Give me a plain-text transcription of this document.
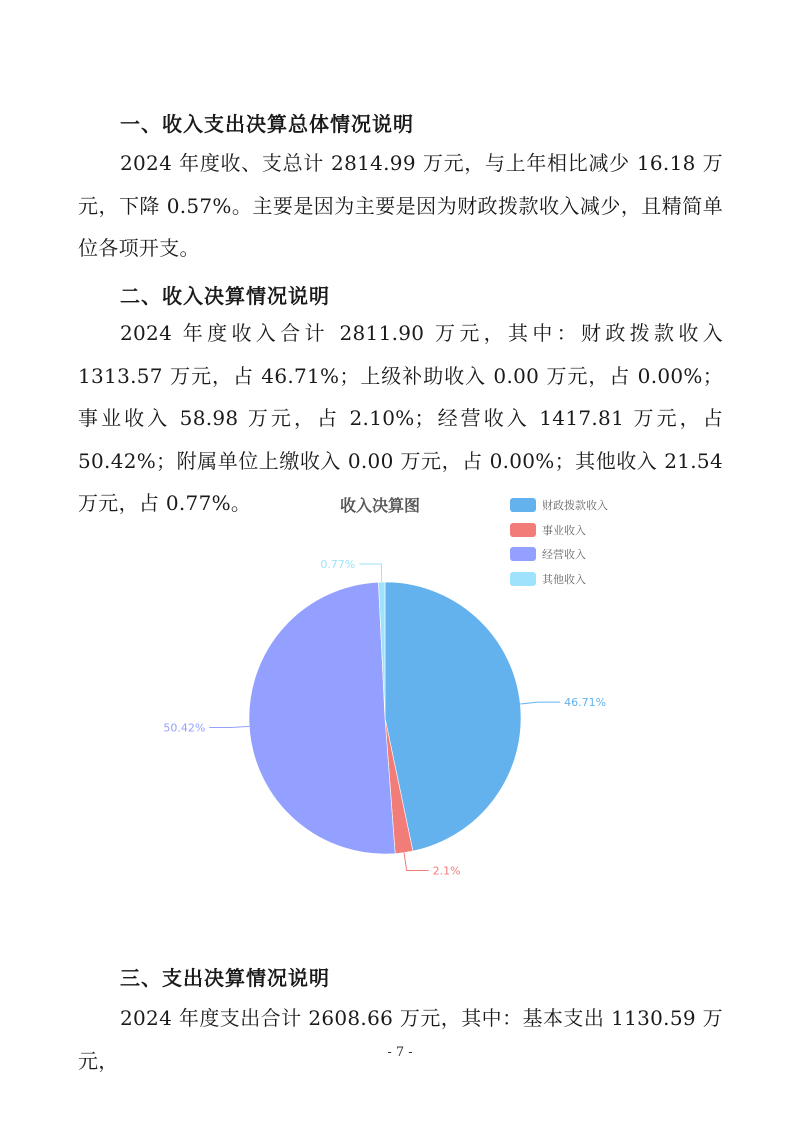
一、收入支出决算总体情况说明
2024 年度收、支总计 2814.99 万元，与上年相比减少 16.18 万元，下降 0.57%。主要是因为主要是因为财政拨款收入减少，且精简单位各项开支。
二、收入决算情况说明
2024 年度收入合计 2811.90 万元，其中：财政拨款收入 1313.57 万元，占 46.71%；上级补助收入 0.00 万元，占 0.00%；事业收入 58.98 万元，占 2.10%；经营收入 1417.81 万元，占 50.42%；附属单位上缴收入 0.00 万元，占 0.00%；其他收入 21.54 万元，占 0.77%。
46.71%
2.1%
50.42%
0.77%
收入决算图	财政拨款收入
事业收入
经营收入
其他收入
三、支出决算情况说明
2024 年度支出合计 2608.66 万元，其中：基本支出 1130.59 万元，	- 7 -
